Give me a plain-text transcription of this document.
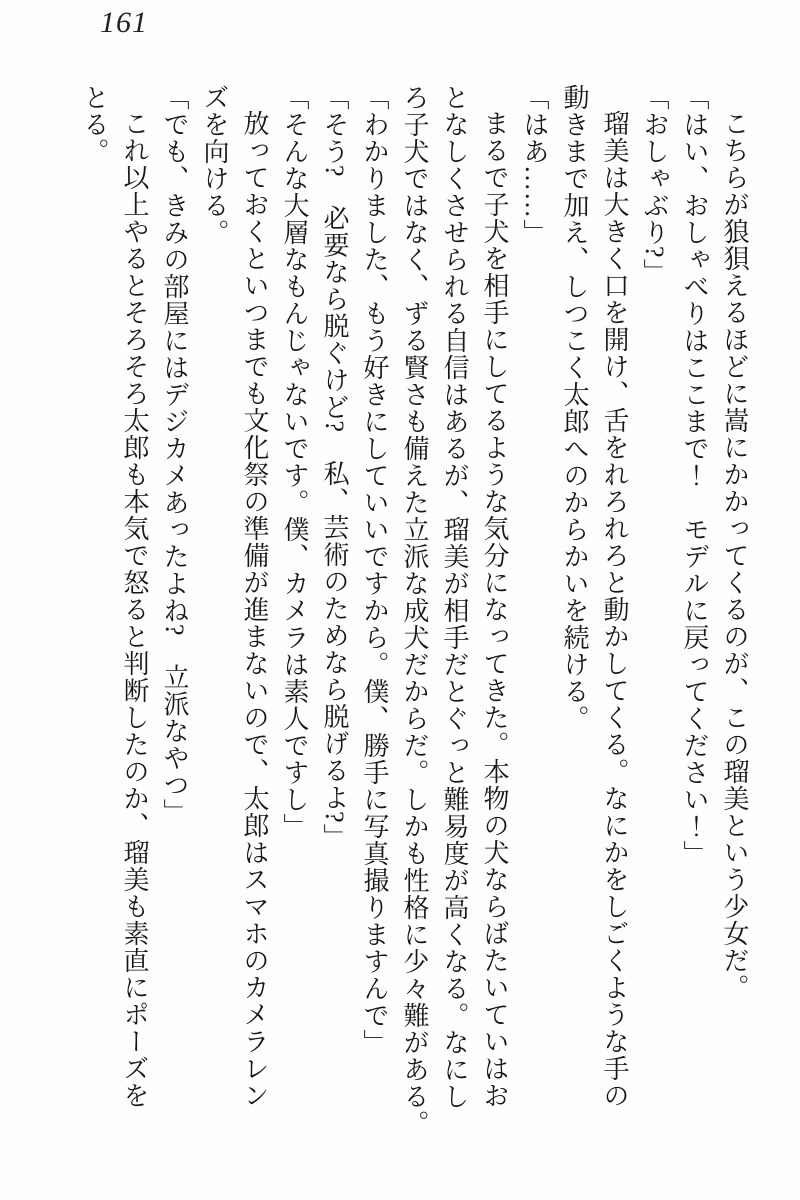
161
こちらが狼狽えるほどに嵩にかかってくるのが、この瑠美という少女だ。
「はい、おしゃべりはここまで！　モデルに戻ってください！」
「おしゃぶり?」
瑠美は大きく口を開け、舌をれろれろと動かしてくる。なにかをしごくような手の
動きまで加え、しつこく太郎へのからかいを続ける。
「はあ……」
まるで子犬を相手にしてるような気分になってきた。本物の犬ならばたいていはお
となしくさせられる自信はあるが、瑠美が相手だとぐっと難易度が高くなる。なにし
ろ子犬ではなく、ずる賢さも備えた立派な成犬だからだ。しかも性格に少々難がある。
「わかりました、もう好きにしていいですから。僕、勝手に写真撮りますんで」
「そう?　必要なら脱ぐけど?　私、芸術のためなら脱げるよ?」
「そんな大層なもんじゃないです。僕、カメラは素人ですし」
放っておくといつまでも文化祭の準備が進まないので、太郎はスマホのカメラレン
ズを向ける。
「でも、きみの部屋にはデジカメあったよね?　立派なやつ」
これ以上やるとそろそろ太郎も本気で怒ると判断したのか、瑠美も素直にポーズを
とる。
